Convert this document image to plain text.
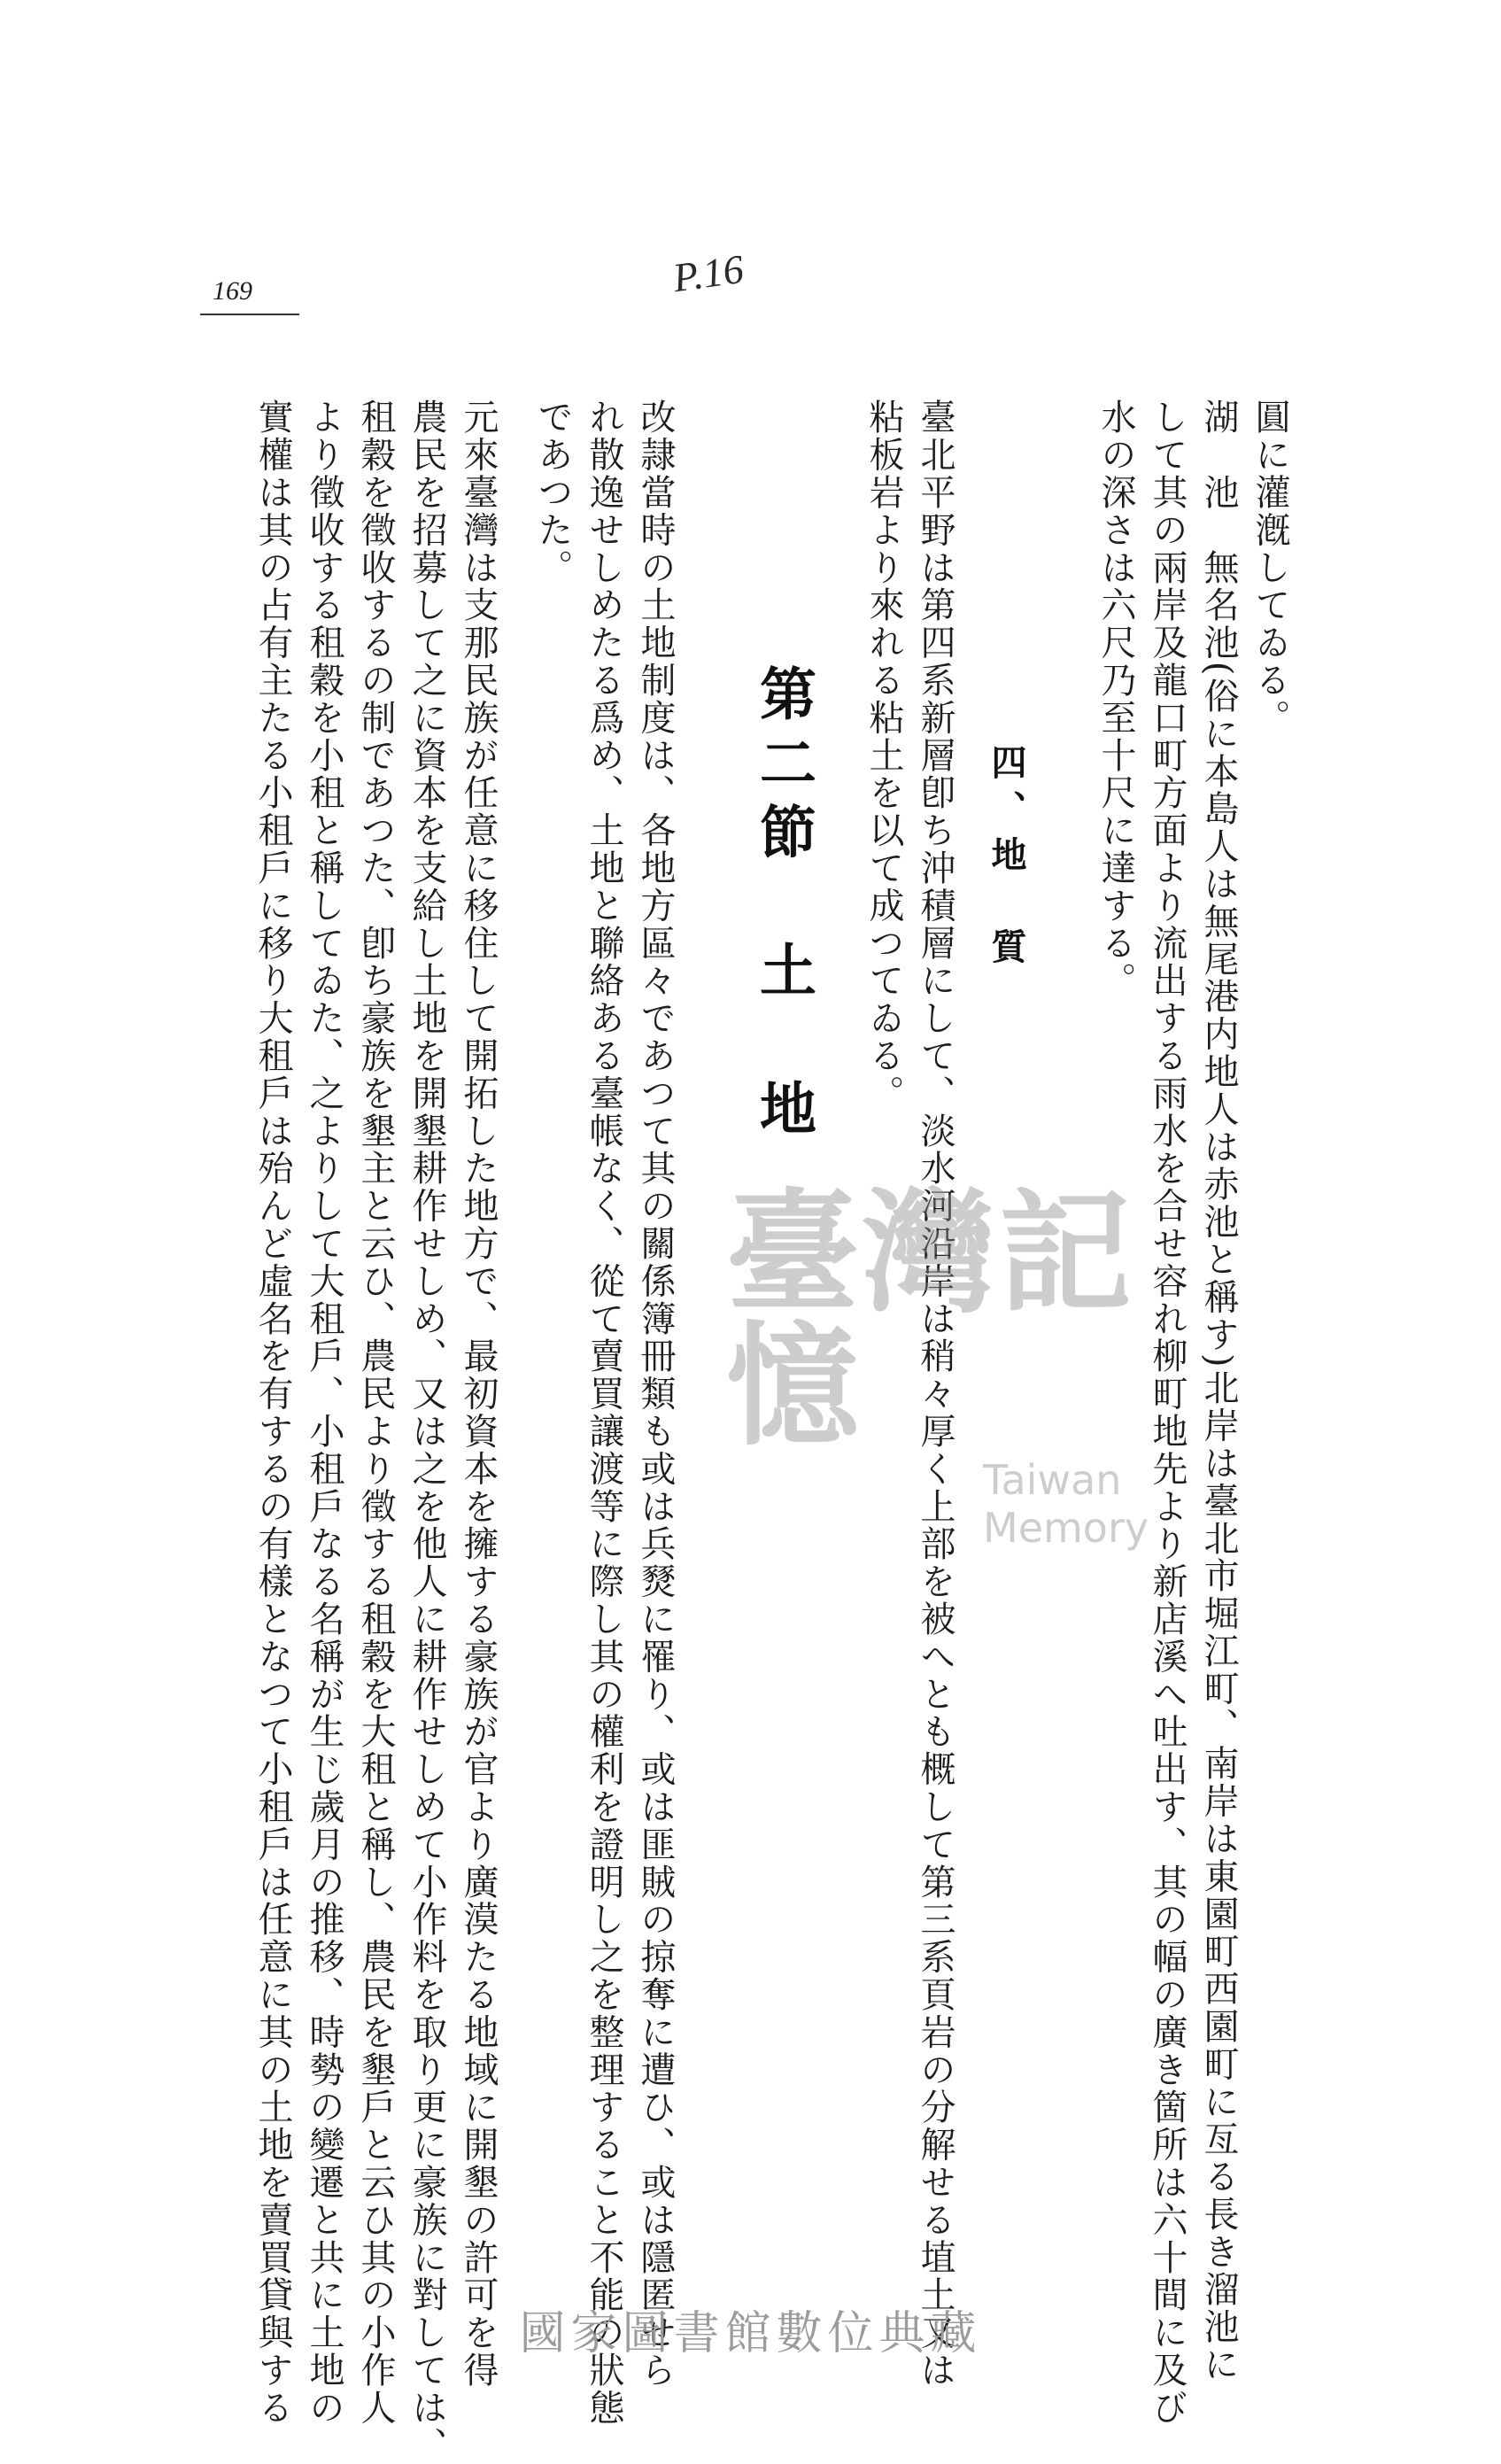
169	P.16
圓に灌漑してゐる。
湖　池　無名池(俗に本島人は無尾港内地人は赤池と稱す)北岸は臺北市堀江町、南岸は東園町西園町に亙る長き溜池に
して其の兩岸及龍口町方面より流出する雨水を合せ容れ柳町地先より新店溪へ吐出す、其の幅の廣き箇所は六十間に及び
水の深さは六尺乃至十尺に達する。
四、地　質
臺北平野は第四系新層卽ち沖積層にして、淡水河沿岸は稍々厚く上部を被へとも概して第三系頁岩の分解せる埴土又は
粘板岩より來れる粘土を以て成つてゐる。
第二節　土　地
改隷當時の土地制度は、各地方區々であつて其の關係簿冊類も或は兵燹に罹り、或は匪賊の掠奪に遭ひ、或は隱匿せら
れ散逸せしめたる爲め、土地と聯絡ある臺帳なく、從て賣買讓渡等に際し其の權利を證明し之を整理すること不能の狀態
であつた。
元來臺灣は支那民族が任意に移住して開拓した地方で、最初資本を擁する豪族が官より廣漠たる地域に開墾の許可を得
農民を招募して之に資本を支給し土地を開墾耕作せしめ、又は之を他人に耕作せしめて小作料を取り更に豪族に對しては、
租穀を徵收するの制であつた、卽ち豪族を墾主と云ひ、農民より徵する租穀を大租と稱し、農民を墾戶と云ひ其の小作人
より徵收する租穀を小租と稱してゐた、之よりして大租戶、小租戶なる名稱が生じ歲月の推移、時勢の變遷と共に土地の
實權は其の占有主たる小租戶に移り大租戶は殆んど虛名を有するの有樣となつて小租戶は任意に其の土地を賣買貸與する	臺灣記憶
Taiwan Memory
國家圖書館數位典藏
